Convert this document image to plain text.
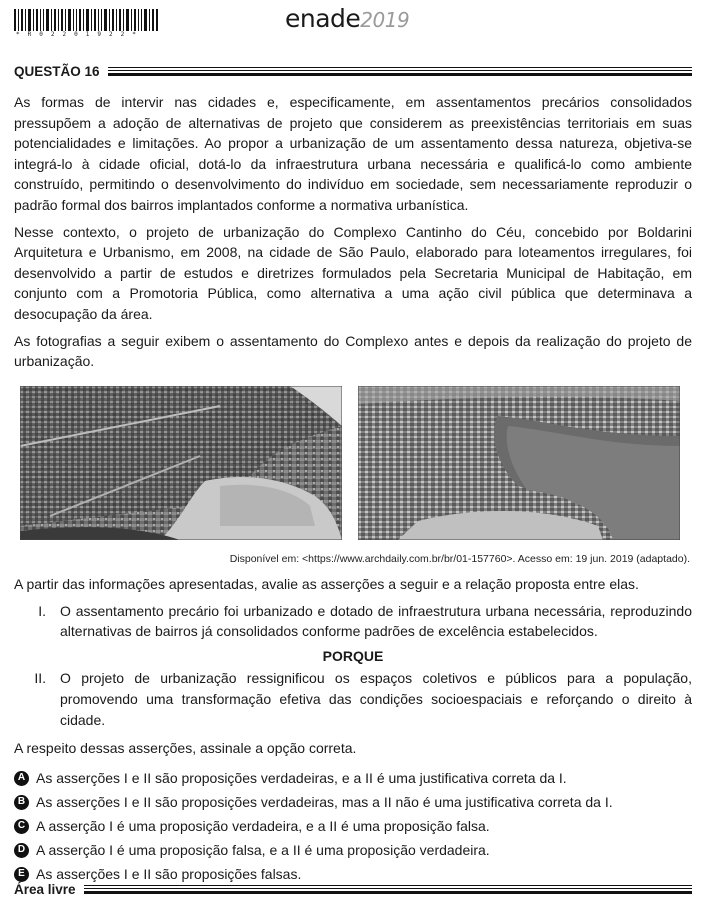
* R 0 2 2 0 1 9 2 2 *
enade2019
QUESTÃO 16

As formas de intervir nas cidades e, especificamente, em assentamentos precários consolidados pressupõem a adoção de alternativas de projeto que considerem as preexistências territoriais em suas potencialidades e limitações. Ao propor a urbanização de um assentamento dessa natureza, objetiva-se integrá-lo à cidade oficial, dotá-lo da infraestrutura urbana necessária e qualificá-lo como ambiente construído, permitindo o desenvolvimento do indivíduo em sociedade, sem necessariamente reproduzir o padrão formal dos bairros implantados conforme a normativa urbanística.

Nesse contexto, o projeto de urbanização do Complexo Cantinho do Céu, concebido por Boldarini Arquitetura e Urbanismo, em 2008, na cidade de São Paulo, elaborado para loteamentos irregulares, foi desenvolvido a partir de estudos e diretrizes formulados pela Secretaria Municipal de Habitação, em conjunto com a Promotoria Pública, como alternativa a uma ação civil pública que determinava a desocupação da área.

As fotografias a seguir exibem o assentamento do Complexo antes e depois da realização do projeto de urbanização.

Disponível em: <https://www.archdaily.com.br/br/01-157760>. Acesso em: 19 jun. 2019 (adaptado).

A partir das informações apresentadas, avalie as asserções a seguir e a relação proposta entre elas.

I.	O assentamento precário foi urbanizado e dotado de infraestrutura urbana necessária, reproduzindo alternativas de bairros já consolidados conforme padrões de excelência estabelecidos.
PORQUE
II.	O projeto de urbanização ressignificou os espaços coletivos e públicos para a população, promovendo uma transformação efetiva das condições socioespaciais e reforçando o direito à cidade.

A respeito dessas asserções, assinale a opção correta.

A As asserções I e II são proposições verdadeiras, e a II é uma justificativa correta da I.
B As asserções I e II são proposições verdadeiras, mas a II não é uma justificativa correta da I.
C A asserção I é uma proposição verdadeira, e a II é uma proposição falsa.
D A asserção I é uma proposição falsa, e a II é uma proposição verdadeira.
E As asserções I e II são proposições falsas.
Área livre
